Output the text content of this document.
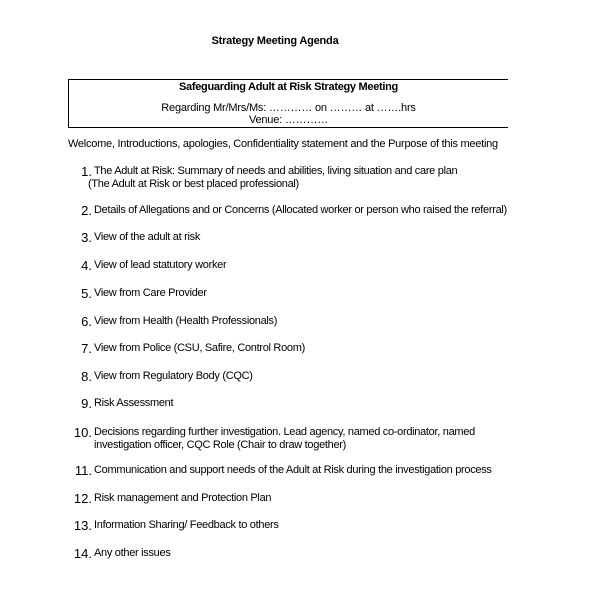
Strategy Meeting Agenda
Safeguarding Adult at Risk Strategy Meeting
Regarding Mr/Mrs/Ms: ………… on ……… at …….hrs
Venue: …………
Welcome, Introductions, apologies, Confidentiality statement and the Purpose of this meeting
1. The Adult at Risk: Summary of needs and abilities, living situation and care plan
(The Adult at Risk or best placed professional)
2. Details of Allegations and or Concerns (Allocated worker or person who raised the referral)
3. View of the adult at risk
4. View of lead statutory worker
5. View from Care Provider
6. View from Health (Health Professionals)
7. View from Police (CSU, Safire, Control Room)
8. View from Regulatory Body (CQC)
9. Risk Assessment
10. Decisions regarding further investigation. Lead agency, named co-ordinator, named
investigation officer, CQC Role (Chair to draw together)
11. Communication and support needs of the Adult at Risk during the investigation process
12. Risk management and Protection Plan
13. Information Sharing/ Feedback to others
14. Any other issues
